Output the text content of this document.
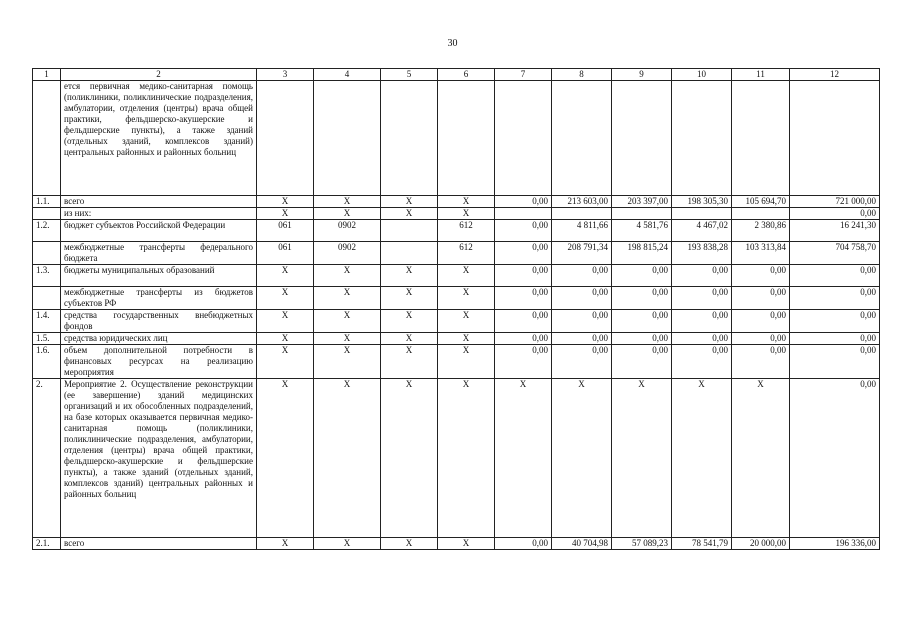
30
1	2	3	4	5	6	7	8	9	10	11	12
	ется первичная медико-санитарная помощь (поликлиники, поликлинические подразделения, амбулатории, отделения (центры) врача общей практики, фельдшерско-акушерские и фельдшерские пункты), а также зданий (отдельных зданий, комплексов зданий) центральных районных и районных больниц										
1.1.	всего	X	X	X	X	0,00	213 603,00	203 397,00	198 305,30	105 694,70	721 000,00
	из них:	X	X	X	X						0,00
1.2.	бюджет субъектов Российской Федерации	061	0902		612	0,00	4 811,66	4 581,76	4 467,02	2 380,86	16 241,30
	межбюджетные трансферты федерального бюджета	061	0902		612	0,00	208 791,34	198 815,24	193 838,28	103 313,84	704 758,70
1.3.	бюджеты муниципальных образований	X	X	X	X	0,00	0,00	0,00	0,00	0,00	0,00
	межбюджетные трансферты из бюджетов субъектов РФ	X	X	X	X	0,00	0,00	0,00	0,00	0,00	0,00
1.4.	средства государственных внебюджетных фондов	X	X	X	X	0,00	0,00	0,00	0,00	0,00	0,00
1.5.	средства юридических лиц	X	X	X	X	0,00	0,00	0,00	0,00	0,00	0,00
1.6.	объем дополнительной потребности в финансовых ресурсах на реализацию мероприятия	X	X	X	X	0,00	0,00	0,00	0,00	0,00	0,00
2.	Мероприятие 2. Осуществление реконструкции (ее завершение) зданий медицинских организаций и их обособленных подразделений, на базе которых оказывается первичная медико-санитарная помощь (поликлиники, поликлинические подразделения, амбулатории, отделения (центры) врача общей практики, фельдшерско-акушерские и фельдшерские пункты), а также зданий (отдельных зданий, комплексов зданий) центральных районных и районных больниц	X	X	X	X	X	X	X	X	X	0,00
2.1.	всего	X	X	X	X	0,00	40 704,98	57 089,23	78 541,79	20 000,00	196 336,00
